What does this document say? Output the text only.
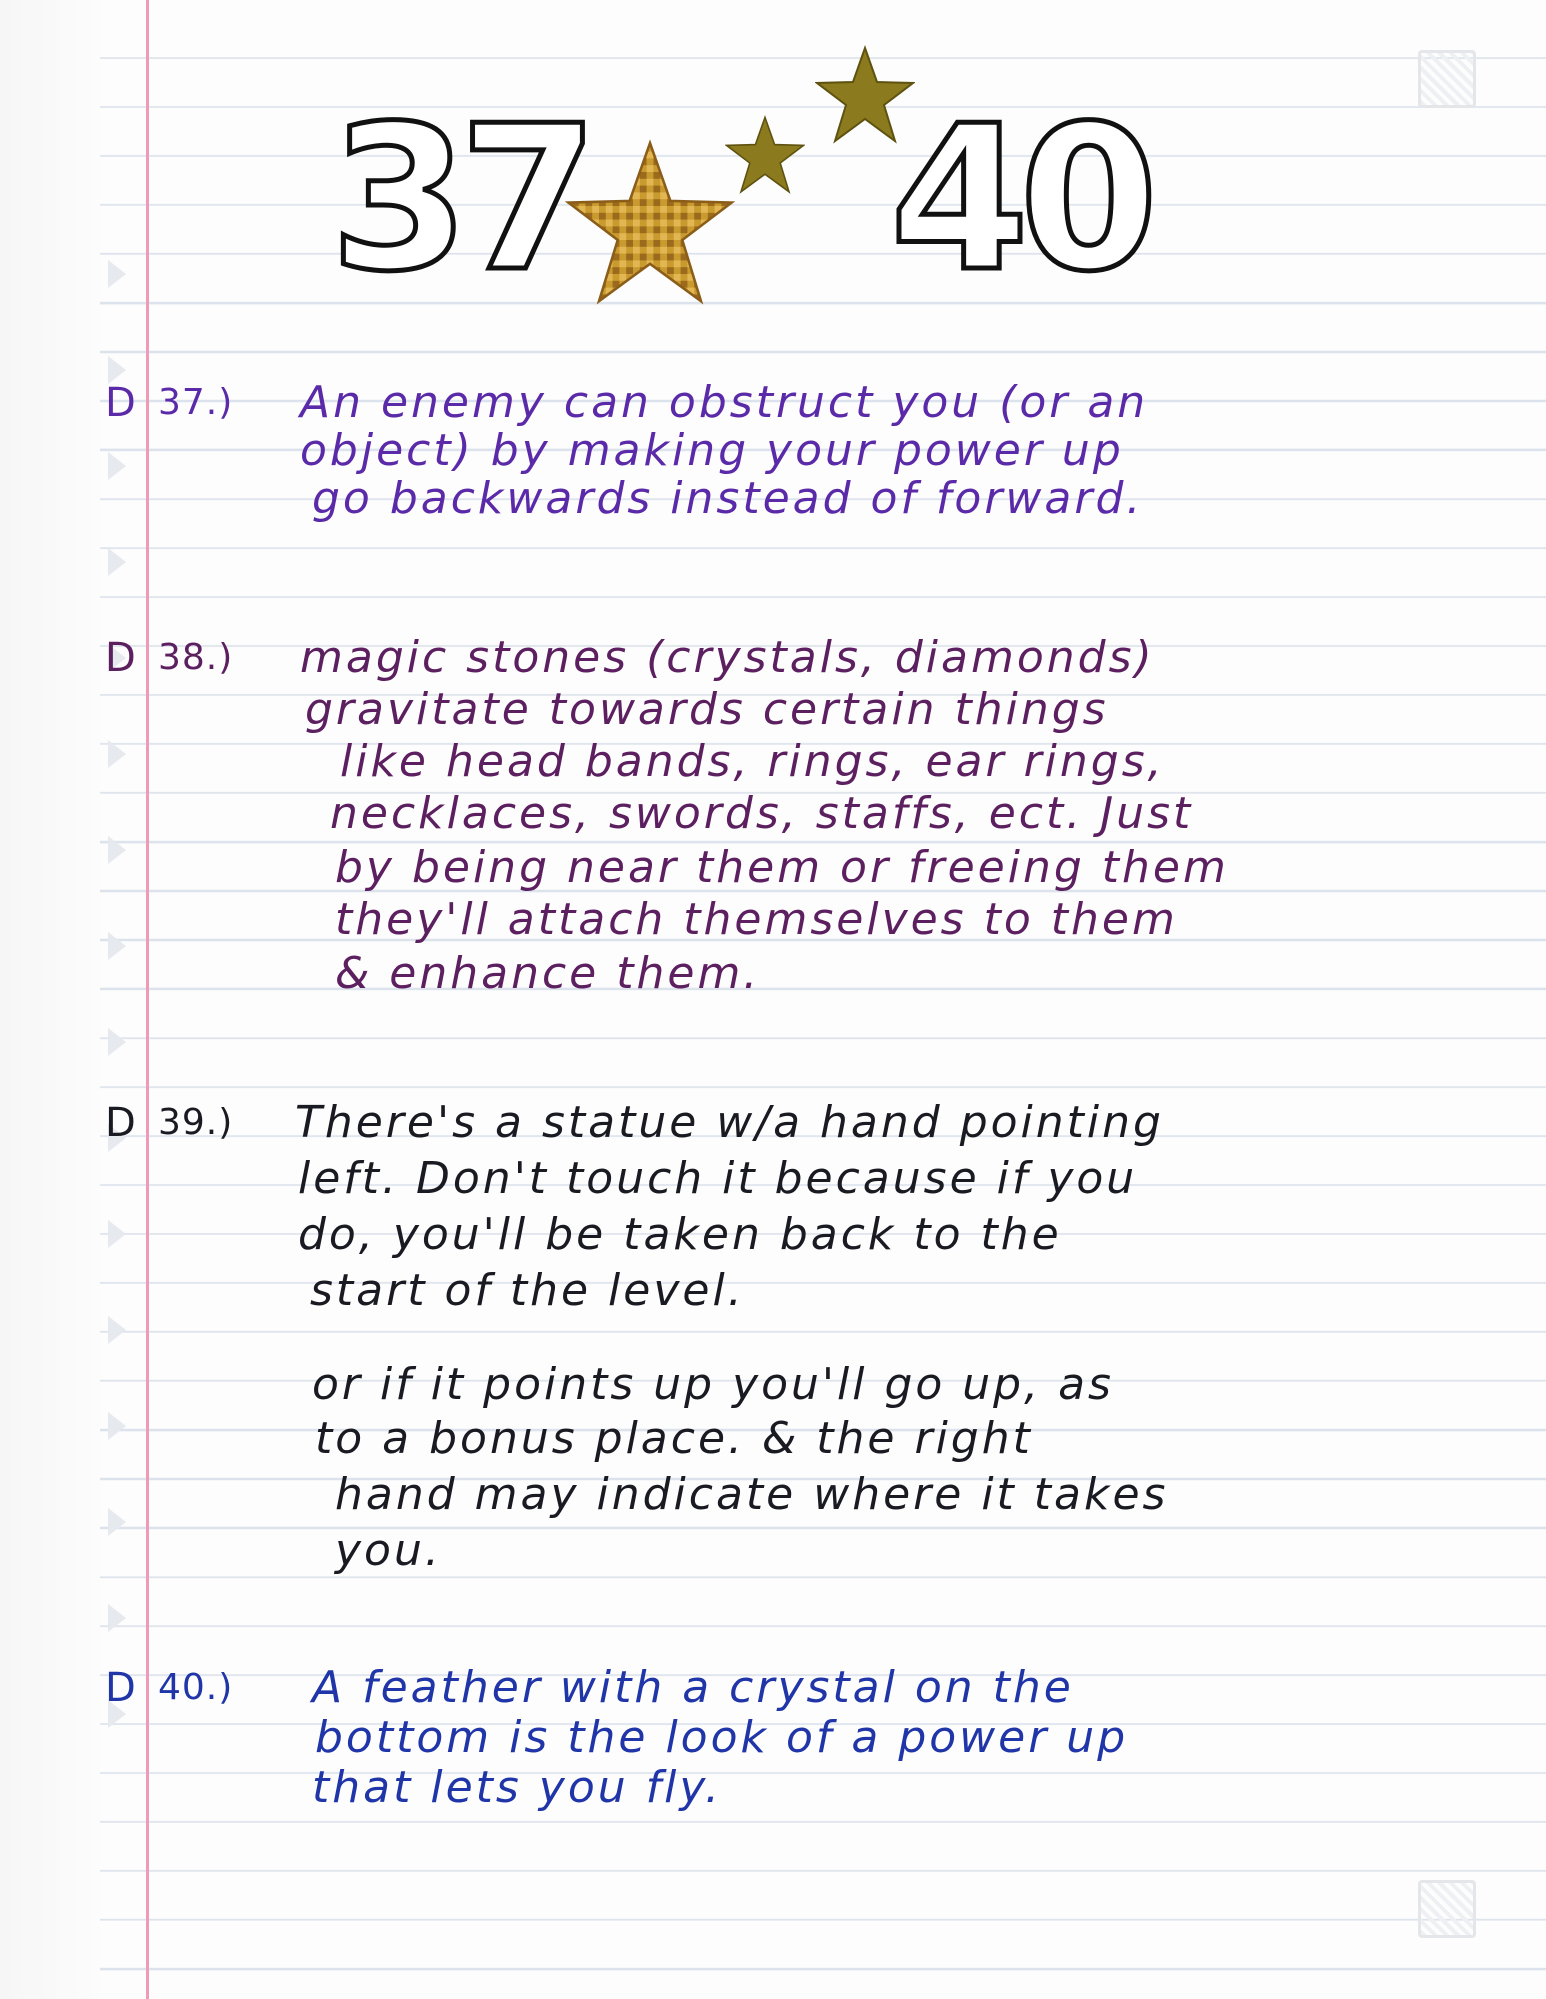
37 40
D 37.) An enemy can obstruct you (or an
object) by making your power up
go backwards instead of forward.
D 38.) magic stones (crystals, diamonds)
gravitate towards certain things
like head bands, rings, ear rings,
necklaces, swords, staffs, ect. Just
by being near them or freeing them
they'll attach themselves to them
& enhance them.
D 39.) There's a statue w/a hand pointing
left. Don't touch it because if you
do, you'll be taken back to the
start of the level.
or if it points up you'll go up, as
to a bonus place. & the right
hand may indicate where it takes
you.
D 40.) A feather with a crystal on the
bottom is the look of a power up
that lets you fly.
